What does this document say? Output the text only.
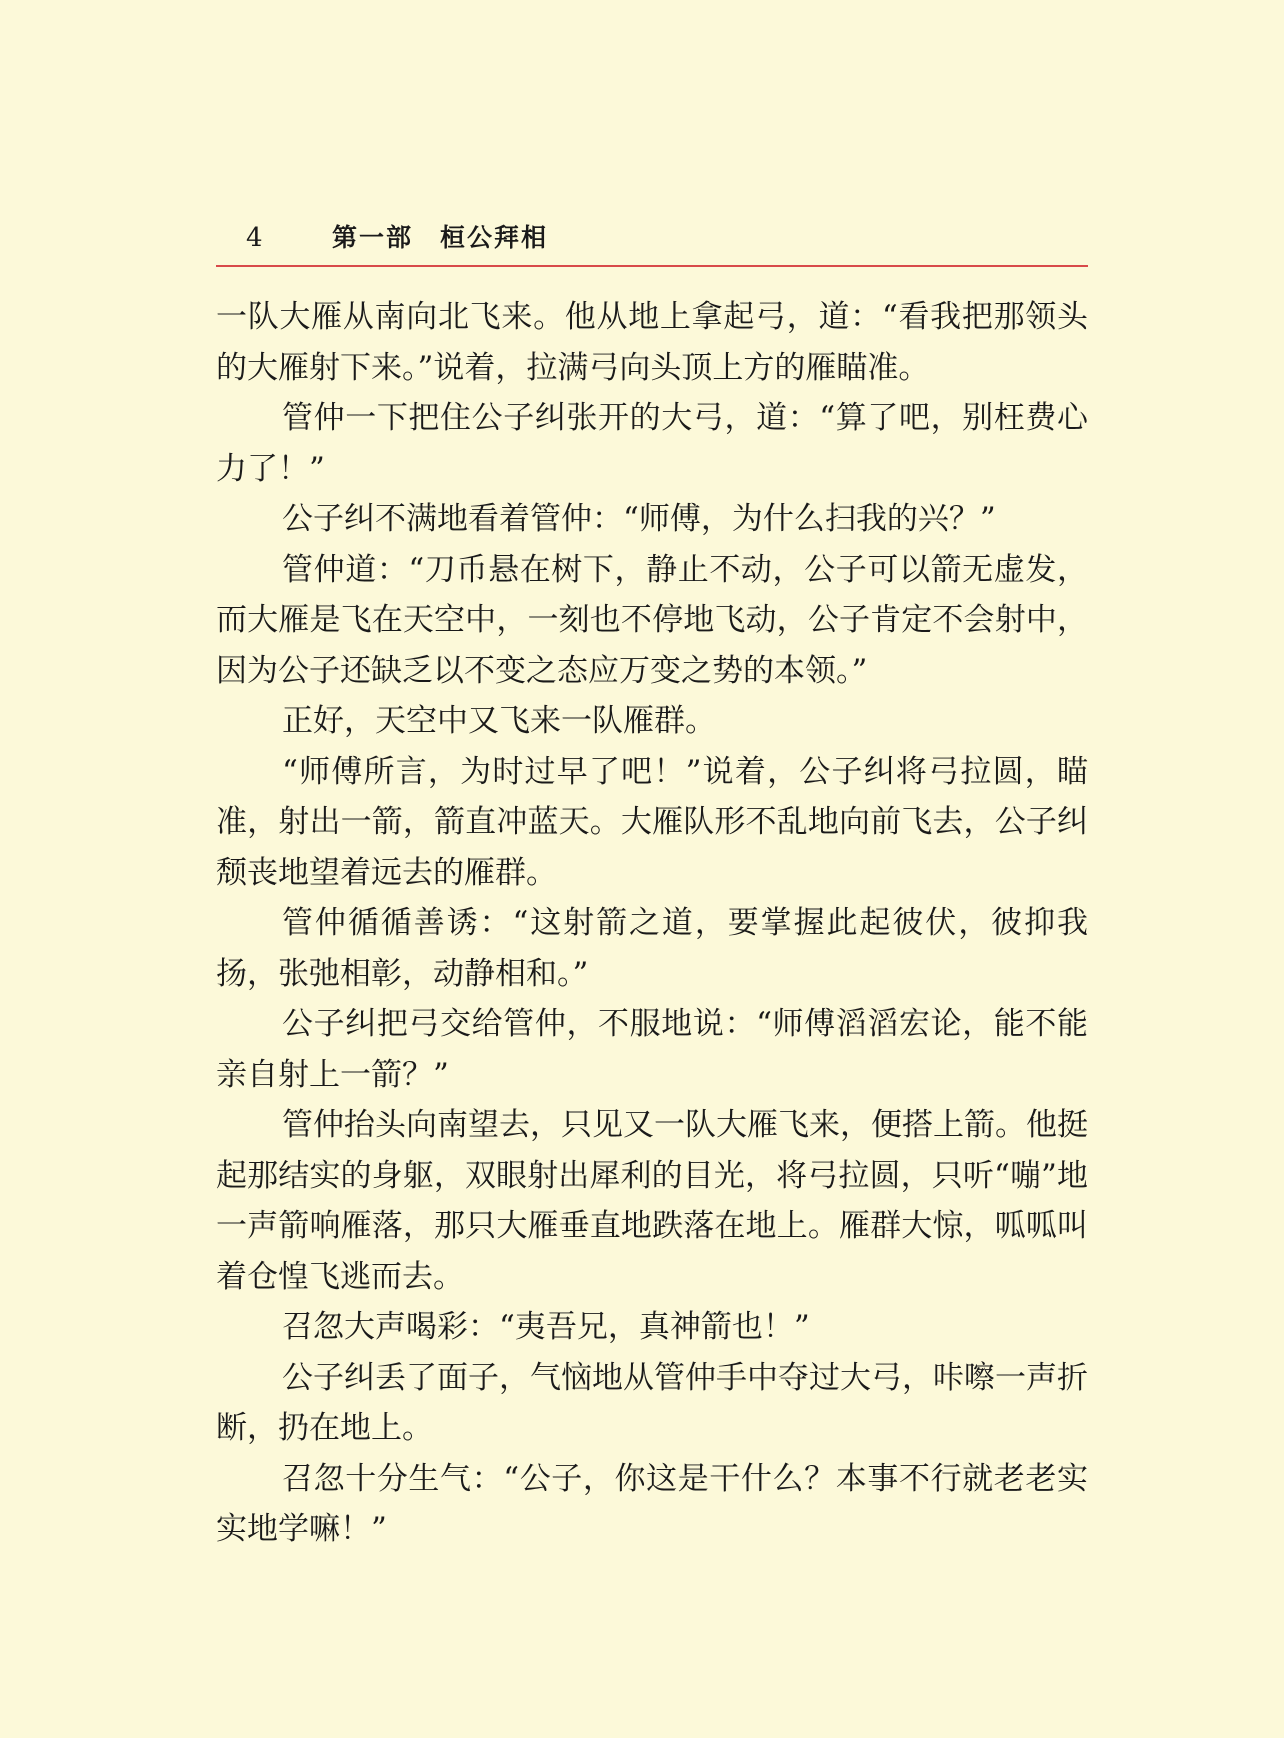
4	第一部　桓公拜相

一队大雁从南向北飞来。他从地上拿起弓，道：“看我把那领头的大雁射下来。”说着，拉满弓向头顶上方的雁瞄准。

管仲一下把住公子纠张开的大弓，道：“算了吧，别枉费心力了！”

公子纠不满地看着管仲：“师傅，为什么扫我的兴？”

管仲道：“刀币悬在树下，静止不动，公子可以箭无虚发，而大雁是飞在天空中，一刻也不停地飞动，公子肯定不会射中，因为公子还缺乏以不变之态应万变之势的本领。”

正好，天空中又飞来一队雁群。

“师傅所言，为时过早了吧！”说着，公子纠将弓拉圆，瞄准，射出一箭，箭直冲蓝天。大雁队形不乱地向前飞去，公子纠颓丧地望着远去的雁群。

管仲循循善诱：“这射箭之道，要掌握此起彼伏，彼抑我扬，张弛相彰，动静相和。”

公子纠把弓交给管仲，不服地说：“师傅滔滔宏论，能不能亲自射上一箭？”

管仲抬头向南望去，只见又一队大雁飞来，便搭上箭。他挺起那结实的身躯，双眼射出犀利的目光，将弓拉圆，只听“嘣”地一声箭响雁落，那只大雁垂直地跌落在地上。雁群大惊，呱呱叫着仓惶飞逃而去。

召忽大声喝彩：“夷吾兄，真神箭也！”

公子纠丢了面子，气恼地从管仲手中夺过大弓，咔嚓一声折断，扔在地上。

召忽十分生气：“公子，你这是干什么？本事不行就老老实实地学嘛！”
